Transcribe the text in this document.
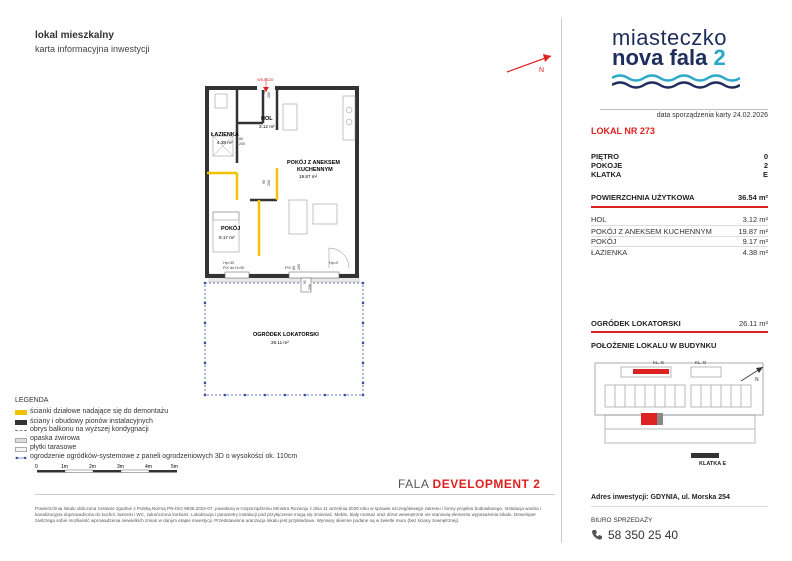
lokal mieszkalny
karta informacyjna inwestycji
N
miasteczko
nova fala 2
data sporządzenia karty 24.02.2026
LOKAL NR 273
PIĘTRO	0
POKOJE	2
KLATKA	E
POWIERZCHNIA UŻYTKOWA	36.54 m²
HOL	3.12 m²
POKÓJ Z ANEKSEM KUCHENNYM	19.87 m²
POKÓJ	9.17 m²
ŁAZIENKA	4.38 m²
OGRÓDEK LOKATORSKI	26.11 m²
POŁOŻENIE LOKALU W BUDYNKU
KL. E	KL. D
KLATKA E
N
Adres inwestycji: GDYNIA, ul. Morska 254
BIURO SPRZEDAŻY
58 350 25 40
WEJŚCIE
HOL
3.12 m²
ŁAZIENKA
4.38 m²
POKÓJ Z ANEKSEM
KUCHENNYM
19.87 m²
POKÓJ
9.17 m²
OGRÓDEK LOKATORSKI
26.11 m²
90 200
80
200
90 200
80 200
Hp=30
FIX do H=90
Hp=0
FIX
90
236
LEGENDA
ścianki działowe nadające się do demontażu
ściany i obudowy pionów instalacyjnych
obrys balkonu na wyższej kondygnacji
opaska żwirowa
płytki tarasowe
ogrodzenie ogródków-systemowe z paneli ogrodzeniowych 3D o wysokości ok. 110cm
0	1m	2m	3m	4m	5m
FALA DEVELOPMENT 2
Powierzchnia lokalu obliczona zostanie zgodnie z Polską Normą PN-ISO 9836:2022-07, powołaną w rozporządzeniu Ministra Rozwoju z dnia 11 września 2020 roku w sprawie szczegółowego zakresu i formy projektu budowlanego. Instalacja wodna i kanalizacyjna doprowadzona do kuchni, łazienki i WC, zakończona korkami. Lokalizacja i parametry instalacji pod przyłączenie mogą się zmieniać. Meble, biały montaż oraz drzwi wewnętrzne nie stanowią elementu wyposażenia lokalu. Deweloper zastrzega sobie możliwość wprowadzenia niewielkich zmian w danym etapie inwestycji. Przedstawiona aranżacja lokalu jest przykładowa. Wymiary okienne podane są w świetle muru (bez ściany zewnętrznej).
